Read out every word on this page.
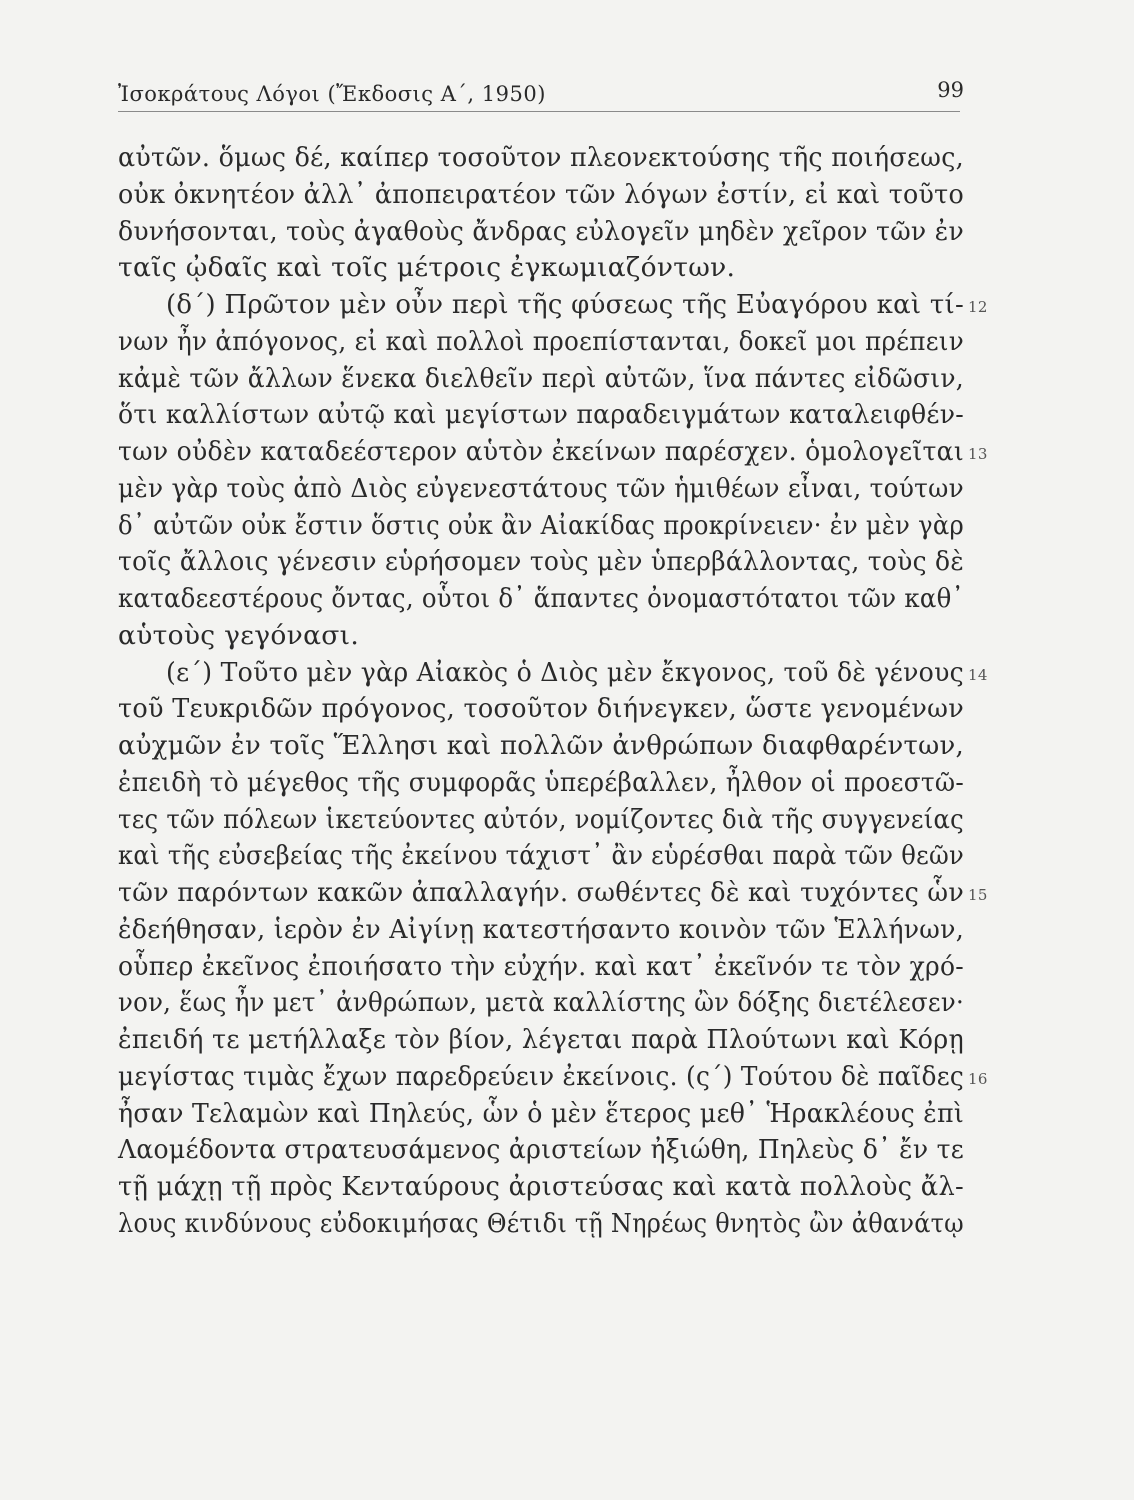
Ἰσοκράτους Λόγοι (Ἔκδοσις Α΄, 1950)	99
αὐτῶν. ὅμως δέ, καίπερ τοσοῦτον πλεονεκτούσης τῆς ποιήσεως,
οὐκ ὀκνητέον ἀλλ᾿ ἀποπειρατέον τῶν λόγων ἐστίν, εἰ καὶ τοῦτο
δυνήσονται, τοὺς ἀγαθοὺς ἄνδρας εὐλογεῖν μηδὲν χεῖρον τῶν ἐν
ταῖς ᾠδαῖς καὶ τοῖς μέτροις ἐγκωμιαζόντων.
(δ΄) Πρῶτον μὲν οὖν περὶ τῆς φύσεως τῆς Εὐαγόρου καὶ τί- 12
νων ἦν ἀπόγονος, εἰ καὶ πολλοὶ προεπίστανται, δοκεῖ μοι πρέπειν
κἀμὲ τῶν ἄλλων ἕνεκα διελθεῖν περὶ αὐτῶν, ἵνα πάντες εἰδῶσιν,
ὅτι καλλίστων αὐτῷ καὶ μεγίστων παραδειγμάτων καταλειφθέν-
των οὐδὲν καταδεέστερον αὑτὸν ἐκείνων παρέσχεν. ὁμολογεῖται 13
μὲν γὰρ τοὺς ἀπὸ Διὸς εὐγενεστάτους τῶν ἡμιθέων εἶναι, τούτων
δ᾿ αὐτῶν οὐκ ἔστιν ὅστις οὐκ ἂν Αἰακίδας προκρίνειεν· ἐν μὲν γὰρ
τοῖς ἄλλοις γένεσιν εὑρήσομεν τοὺς μὲν ὑπερβάλλοντας, τοὺς δὲ
καταδεεστέρους ὄντας, οὗτοι δ᾿ ἅπαντες ὀνομαστότατοι τῶν καθ᾿
αὑτοὺς γεγόνασι.
(ε΄) Τοῦτο μὲν γὰρ Αἰακὸς ὁ Διὸς μὲν ἔκγονος, τοῦ δὲ γένους 14
τοῦ Τευκριδῶν πρόγονος, τοσοῦτον διήνεγκεν, ὥστε γενομένων
αὐχμῶν ἐν τοῖς Ἕλλησι καὶ πολλῶν ἀνθρώπων διαφθαρέντων,
ἐπειδὴ τὸ μέγεθος τῆς συμφορᾶς ὑπερέβαλλεν, ἦλθον οἱ προεστῶ-
τες τῶν πόλεων ἱκετεύοντες αὐτόν, νομίζοντες διὰ τῆς συγγενείας
καὶ τῆς εὐσεβείας τῆς ἐκείνου τάχιστ᾿ ἂν εὑρέσθαι παρὰ τῶν θεῶν
τῶν παρόντων κακῶν ἀπαλλαγήν. σωθέντες δὲ καὶ τυχόντες ὧν 15
ἐδεήθησαν, ἱερὸν ἐν Αἰγίνῃ κατεστήσαντο κοινὸν τῶν Ἑλλήνων,
οὗπερ ἐκεῖνος ἐποιήσατο τὴν εὐχήν. καὶ κατ᾿ ἐκεῖνόν τε τὸν χρό-
νον, ἕως ἦν μετ᾿ ἀνθρώπων, μετὰ καλλίστης ὢν δόξης διετέλεσεν·
ἐπειδή τε μετήλλαξε τὸν βίον, λέγεται παρὰ Πλούτωνι καὶ Κόρῃ
μεγίστας τιμὰς ἔχων παρεδρεύειν ἐκείνοις. (ς΄) Τούτου δὲ παῖδες 16
ἦσαν Τελαμὼν καὶ Πηλεύς, ὧν ὁ μὲν ἕτερος μεθ᾿ Ἡρακλέους ἐπὶ
Λαομέδοντα στρατευσάμενος ἀριστείων ἠξιώθη, Πηλεὺς δ᾿ ἔν τε
τῇ μάχῃ τῇ πρὸς Κενταύρους ἀριστεύσας καὶ κατὰ πολλοὺς ἄλ-
λους κινδύνους εὐδοκιμήσας Θέτιδι τῇ Νηρέως θνητὸς ὢν ἀθανάτῳ
